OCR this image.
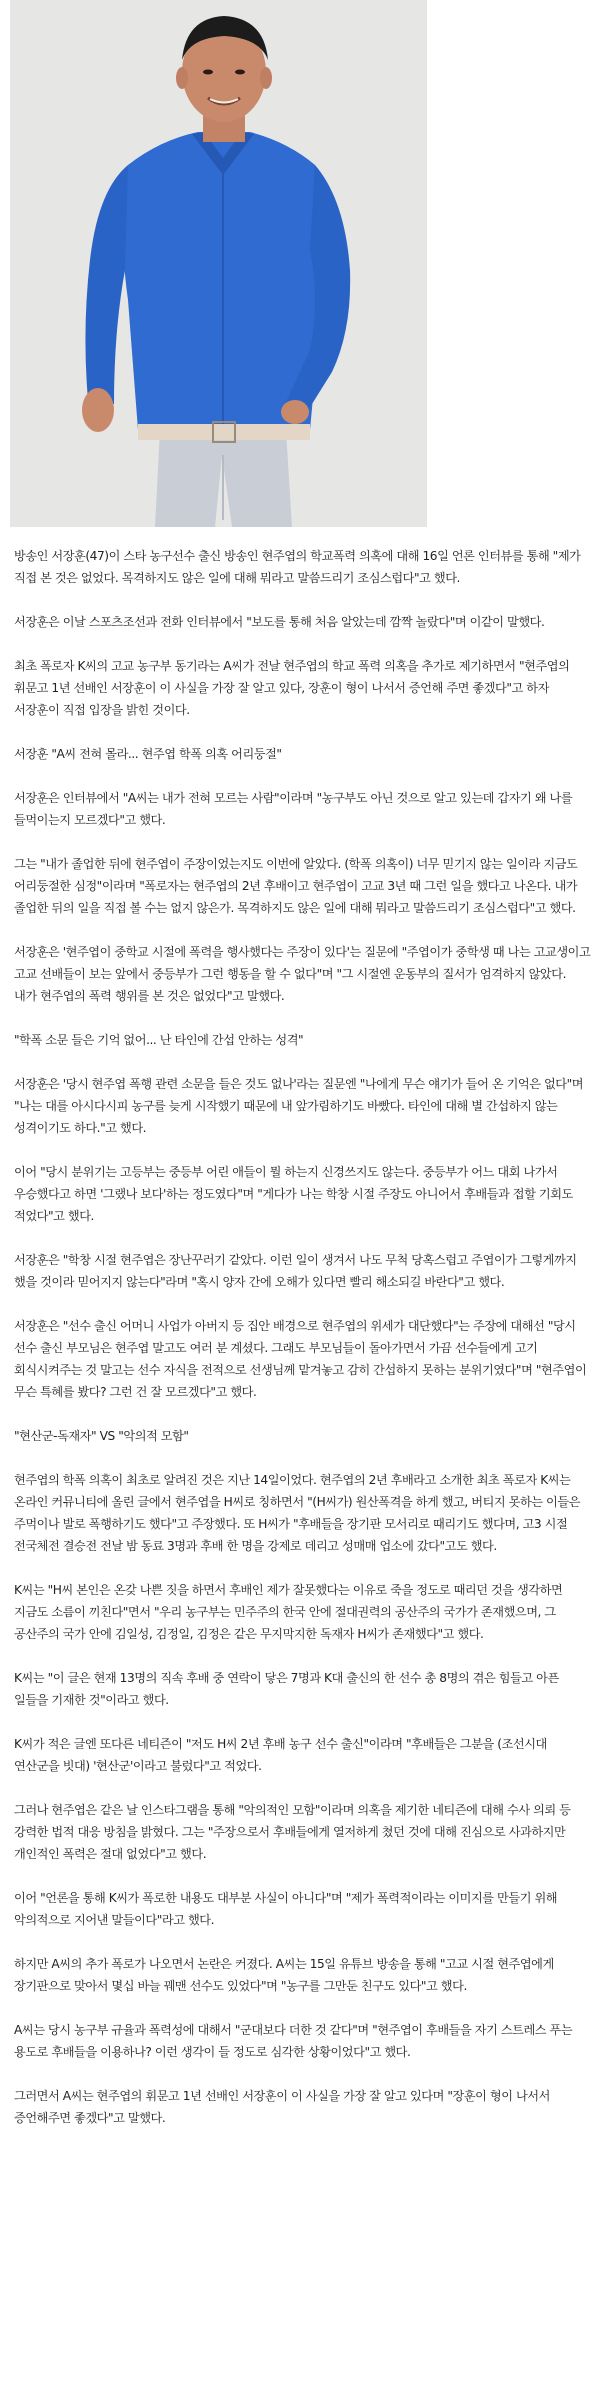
방송인 서장훈(47)이 스타 농구선수 출신 방송인 현주엽의 학교폭력 의혹에 대해 16일 언론 인터뷰를 통해 "제가 직접 본 것은 없었다. 목격하지도 않은 일에 대해 뭐라고 말씀드리기 조심스럽다"고 했다.

서장훈은 이날 스포츠조선과 전화 인터뷰에서 "보도를 통해 처음 알았는데 깜짝 놀랐다"며 이같이 말했다.

최초 폭로자 K씨의 고교 농구부 동기라는 A씨가 전날 현주엽의 학교 폭력 의혹을 추가로 제기하면서 "현주엽의 휘문고 1년 선배인 서장훈이 이 사실을 가장 잘 알고 있다, 장훈이 형이 나서서 증언해 주면 좋겠다"고 하자 서장훈이 직접 입장을 밝힌 것이다.

서장훈 "A씨 전혀 몰라... 현주엽 학폭 의혹 어리둥절"

서장훈은 인터뷰에서 "A씨는 내가 전혀 모르는 사람"이라며 "농구부도 아닌 것으로 알고 있는데 갑자기 왜 나를 들먹이는지 모르겠다"고 했다.

그는 "내가 졸업한 뒤에 현주엽이 주장이었는지도 이번에 알았다. (학폭 의혹이) 너무 믿기지 않는 일이라 지금도 어리둥절한 심정"이라며 "폭로자는 현주엽의 2년 후배이고 현주엽이 고교 3년 때 그런 일을 했다고 나온다. 내가 졸업한 뒤의 일을 직접 볼 수는 없지 않은가. 목격하지도 않은 일에 대해 뭐라고 말씀드리기 조심스럽다"고 했다.

서장훈은 '현주엽이 중학교 시절에 폭력을 행사했다는 주장이 있다'는 질문에 "주엽이가 중학생 때 나는 고교생이고 고교 선배들이 보는 앞에서 중등부가 그런 행동을 할 수 없다"며 "그 시절엔 운동부의 질서가 엄격하지 않았다. 내가 현주엽의 폭력 행위를 본 것은 없었다"고 말했다.

"학폭 소문 들은 기억 없어... 난 타인에 간섭 안하는 성격"

서장훈은 '당시 현주엽 폭행 관련 소문을 들은 것도 없나'라는 질문엔 "나에게 무슨 얘기가 들어 온 기억은 없다"며 "나는 대를 아시다시피 농구를 늦게 시작했기 때문에 내 앞가림하기도 바빴다. 타인에 대해 별 간섭하지 않는 성격이기도 하다."고 했다.

이어 "당시 분위기는 고등부는 중등부 어린 애들이 뭘 하는지 신경쓰지도 않는다. 중등부가 어느 대회 나가서 우승했다고 하면 '그랬나 보다'하는 정도였다"며 "게다가 나는 학창 시절 주장도 아니어서 후배들과 접할 기회도 적었다"고 했다.

서장훈은 "학창 시절 현주엽은 장난꾸러기 같았다. 이런 일이 생겨서 나도 무척 당혹스럽고 주엽이가 그렇게까지 했을 것이라 믿어지지 않는다"라며 "혹시 양자 간에 오해가 있다면 빨리 해소되길 바란다"고 했다.

서장훈은 "선수 출신 어머니 사업가 아버지 등 집안 배경으로 현주엽의 위세가 대단했다"는 주장에 대해선 "당시 선수 출신 부모님은 현주엽 말고도 여러 분 계셨다. 그래도 부모님들이 돌아가면서 가끔 선수들에게 고기 회식시켜주는 것 말고는 선수 자식을 전적으로 선생님께 맡겨놓고 감히 간섭하지 못하는 분위기였다"며 "현주엽이 무슨 특혜를 봤다? 그런 건 잘 모르겠다"고 했다.

"현산군-독재자" VS "악의적 모함"

현주엽의 학폭 의혹이 최초로 알려진 것은 지난 14일이었다. 현주엽의 2년 후배라고 소개한 최초 폭로자 K씨는 온라인 커뮤니티에 올린 글에서 현주엽을 H씨로 칭하면서 "(H씨가) 원산폭격을 하게 했고, 버티지 못하는 이들은 주먹이나 발로 폭행하기도 했다"고 주장했다. 또 H씨가 "후배들을 장기판 모서리로 때리기도 했다며, 고3 시절 전국체전 결승전 전날 밤 동료 3명과 후배 한 명을 강제로 데리고 성매매 업소에 갔다"고도 했다.

K씨는 "H씨 본인은 온갖 나쁜 짓을 하면서 후배인 제가 잘못했다는 이유로 죽을 정도로 때리던 것을 생각하면 지금도 소름이 끼친다"면서 "우리 농구부는 민주주의 한국 안에 절대권력의 공산주의 국가가 존재했으며, 그 공산주의 국가 안에 김일성, 김정일, 김정은 같은 무지막지한 독재자 H씨가 존재했다"고 했다.

K씨는 "이 글은 현재 13명의 직속 후배 중 연락이 닿은 7명과 K대 출신의 한 선수 총 8명의 겪은 힘들고 아픈 일들을 기재한 것"이라고 했다.

K씨가 적은 글엔 또다른 네티즌이 "저도 H씨 2년 후배 농구 선수 출신"이라며 "후배들은 그분을 (조선시대 연산군을 빗대) '현산군'이라고 불렀다"고 적었다.

그러나 현주엽은 같은 날 인스타그램을 통해 "악의적인 모함"이라며 의혹을 제기한 네티즌에 대해 수사 의뢰 등 강력한 법적 대응 방침을 밝혔다. 그는 "주장으로서 후배들에게 열저하게 쳤던 것에 대해 진심으로 사과하지만 개인적인 폭력은 절대 없었다"고 했다.

이어 "언론을 통해 K씨가 폭로한 내용도 대부분 사실이 아니다"며 "제가 폭력적이라는 이미지를 만들기 위해 악의적으로 지어낸 말들이다"라고 했다.

하지만 A씨의 추가 폭로가 나오면서 논란은 커졌다. A씨는 15일 유튜브 방송을 통해 "고교 시절 현주엽에게 장기판으로 맞아서 몇십 바늘 꿰맨 선수도 있었다"며 "농구를 그만둔 친구도 있다"고 했다.

A씨는 당시 농구부 규율과 폭력성에 대해서 "군대보다 더한 것 같다"며 "현주엽이 후배들을 자기 스트레스 푸는 용도로 후배들을 이용하나? 이런 생각이 들 정도로 심각한 상황이었다"고 했다.

그러면서 A씨는 현주엽의 휘문고 1년 선배인 서장훈이 이 사실을 가장 잘 알고 있다며 "장훈이 형이 나서서 증언해주면 좋겠다"고 말했다.
